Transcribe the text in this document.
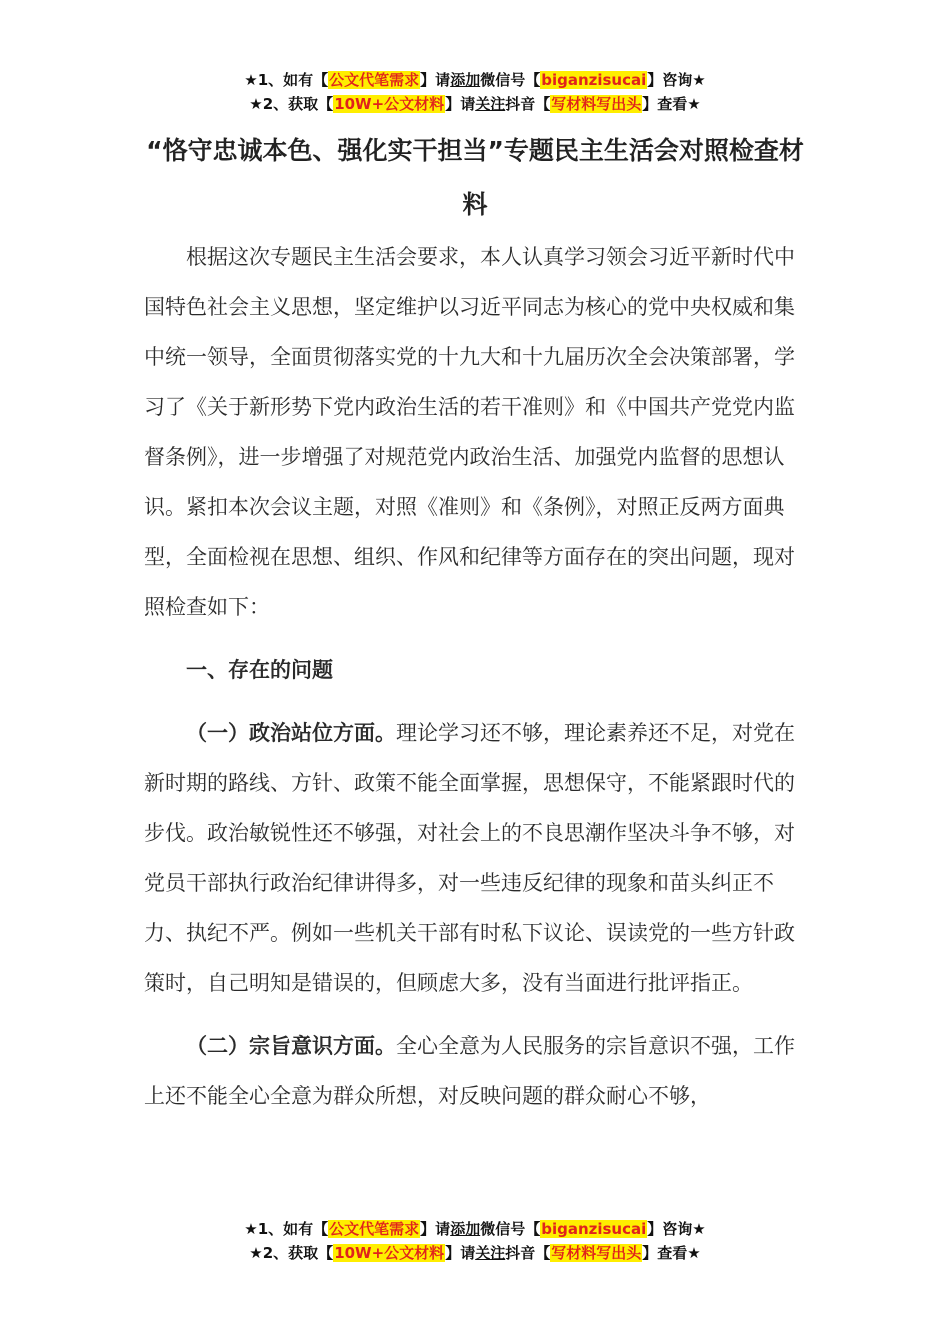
★1、如有【公文代笔需求】请添加微信号【biganzisucai】咨询★
★2、获取【10W+公文材料】请关注抖音【写材料写出头】查看★
“恪守忠诚本色、强化实干担当”专题民主生活会对照检查材料

根据这次专题民主生活会要求，本人认真学习领会习近平新时代中国特色社会主义思想，坚定维护以习近平同志为核心的党中央权威和集中统一领导，全面贯彻落实党的十九大和十九届历次全会决策部署，学习了《关于新形势下党内政治生活的若干准则》和《中国共产党党内监督条例》，进一步增强了对规范党内政治生活、加强党内监督的思想认识。紧扣本次会议主题，对照《准则》和《条例》，对照正反两方面典型，全面检视在思想、组织、作风和纪律等方面存在的突出问题，现对照检查如下：

一、存在的问题

（一）政治站位方面。理论学习还不够，理论素养还不足，对党在新时期的路线、方针、政策不能全面掌握，思想保守，不能紧跟时代的步伐。政治敏锐性还不够强，对社会上的不良思潮作坚决斗争不够，对党员干部执行政治纪律讲得多，对一些违反纪律的现象和苗头纠正不力、执纪不严。例如一些机关干部有时私下议论、误读党的一些方针政策时，自己明知是错误的，但顾虑大多，没有当面进行批评指正。

（二）宗旨意识方面。全心全意为人民服务的宗旨意识不强，工作上还不能全心全意为群众所想，对反映问题的群众耐心不够，

★1、如有【公文代笔需求】请添加微信号【biganzisucai】咨询★
★2、获取【10W+公文材料】请关注抖音【写材料写出头】查看★
